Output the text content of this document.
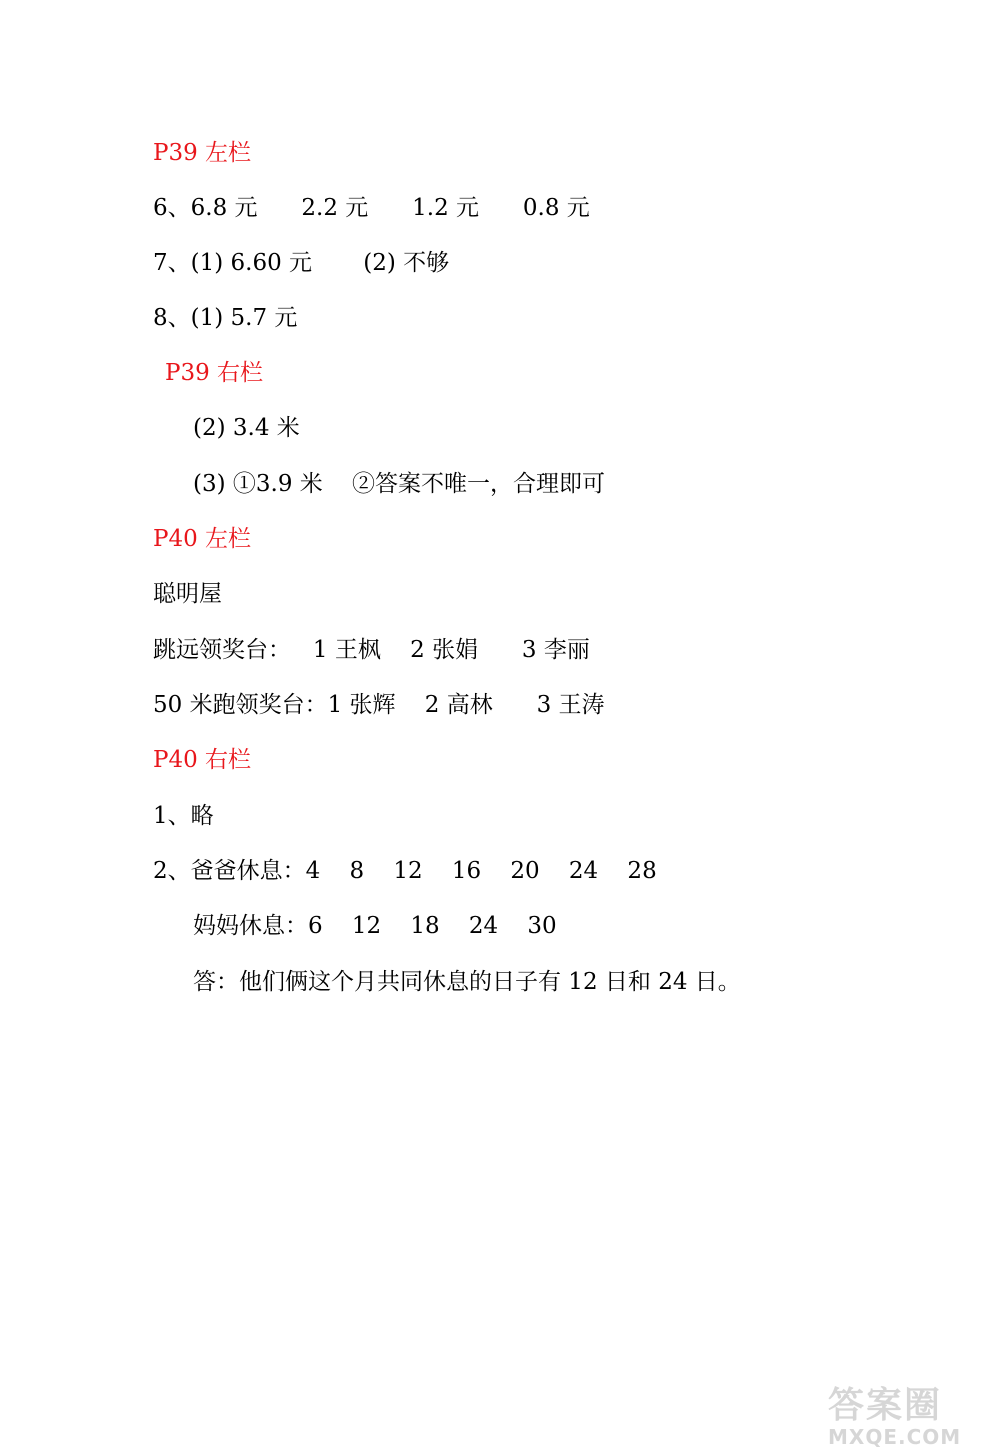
P39 左栏
6、6.8 元      2.2 元      1.2 元      0.8 元
7、(1) 6.60 元       (2) 不够
8、(1) 5.7 元
P39 右栏
(2) 3.4 米
(3) ①3.9 米    ②答案不唯一，合理即可
P40 左栏
聪明屋
跳远领奖台：   1 王枫    2 张娟      3 李丽
50 米跑领奖台：1 张辉    2 高林      3 王涛
P40 右栏
1、略
2、爸爸休息：4    8    12    16    20    24    28
妈妈休息：6    12    18    24    30
答：他们俩这个月共同休息的日子有 12 日和 24 日。
答案圈
MXQE.COM
